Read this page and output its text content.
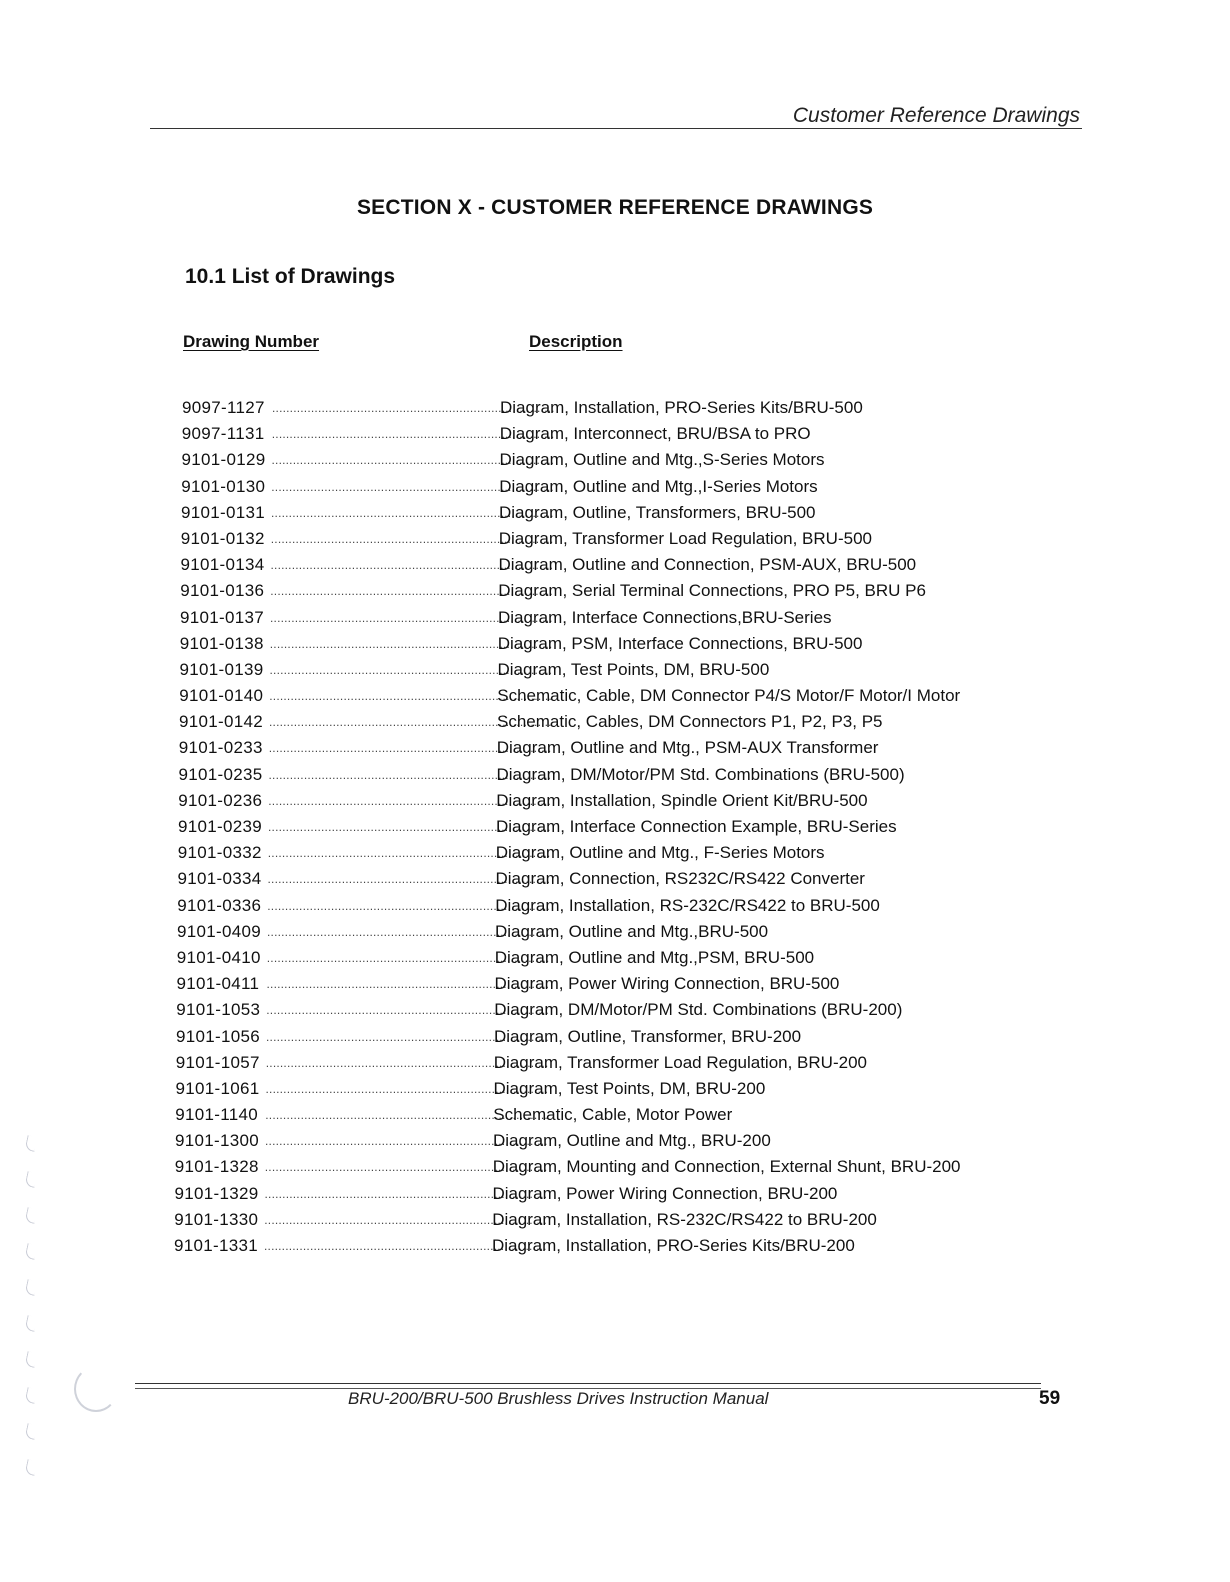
Customer Reference Drawings
SECTION X - CUSTOMER REFERENCE DRAWINGS
10.1 List of Drawings
Drawing Number	Description
9097-1127 ................................................................................Diagram, Installation, PRO-Series Kits/BRU-500
9097-1131 ................................................................................Diagram, Interconnect, BRU/BSA to PRO
9101-0129 ................................................................................Diagram, Outline and Mtg.,S-Series Motors
9101-0130 ................................................................................Diagram, Outline and Mtg.,I-Series Motors
9101-0131 ................................................................................Diagram, Outline, Transformers, BRU-500
9101-0132 ................................................................................Diagram, Transformer Load Regulation, BRU-500
9101-0134 ................................................................................Diagram, Outline and Connection, PSM-AUX, BRU-500
9101-0136 ................................................................................Diagram, Serial Terminal Connections, PRO P5, BRU P6
9101-0137 ................................................................................Diagram, Interface Connections,BRU-Series
9101-0138 ................................................................................Diagram, PSM, Interface Connections, BRU-500
9101-0139 ................................................................................Diagram, Test Points, DM, BRU-500
9101-0140 ................................................................................Schematic, Cable, DM Connector P4/S Motor/F Motor/I Motor
9101-0142 ................................................................................Schematic, Cables, DM Connectors P1, P2, P3, P5
9101-0233 ................................................................................Diagram, Outline and Mtg., PSM-AUX Transformer
9101-0235 ................................................................................Diagram, DM/Motor/PM Std. Combinations (BRU-500)
9101-0236 ................................................................................Diagram, Installation, Spindle Orient Kit/BRU-500
9101-0239 ................................................................................Diagram, Interface Connection Example, BRU-Series
9101-0332 ................................................................................Diagram, Outline and Mtg., F-Series Motors
9101-0334 ................................................................................Diagram, Connection, RS232C/RS422 Converter
9101-0336 ................................................................................Diagram, Installation, RS-232C/RS422 to BRU-500
9101-0409 ................................................................................Diagram, Outline and Mtg.,BRU-500
9101-0410 ................................................................................Diagram, Outline and Mtg.,PSM, BRU-500
9101-0411 ................................................................................Diagram, Power Wiring Connection, BRU-500
9101-1053 ................................................................................Diagram, DM/Motor/PM Std. Combinations (BRU-200)
9101-1056 ................................................................................Diagram, Outline, Transformer, BRU-200
9101-1057 ................................................................................Diagram, Transformer Load Regulation, BRU-200
9101-1061 ................................................................................Diagram, Test Points, DM, BRU-200
9101-1140 ................................................................................Schematic, Cable, Motor Power
9101-1300 ................................................................................Diagram, Outline and Mtg., BRU-200
9101-1328 ................................................................................Diagram, Mounting and Connection, External Shunt, BRU-200
9101-1329 ................................................................................Diagram, Power Wiring Connection, BRU-200
9101-1330 ................................................................................Diagram, Installation, RS-232C/RS422 to BRU-200
9101-1331 ................................................................................Diagram, Installation, PRO-Series Kits/BRU-200
BRU-200/BRU-500 Brushless Drives Instruction Manual	59
